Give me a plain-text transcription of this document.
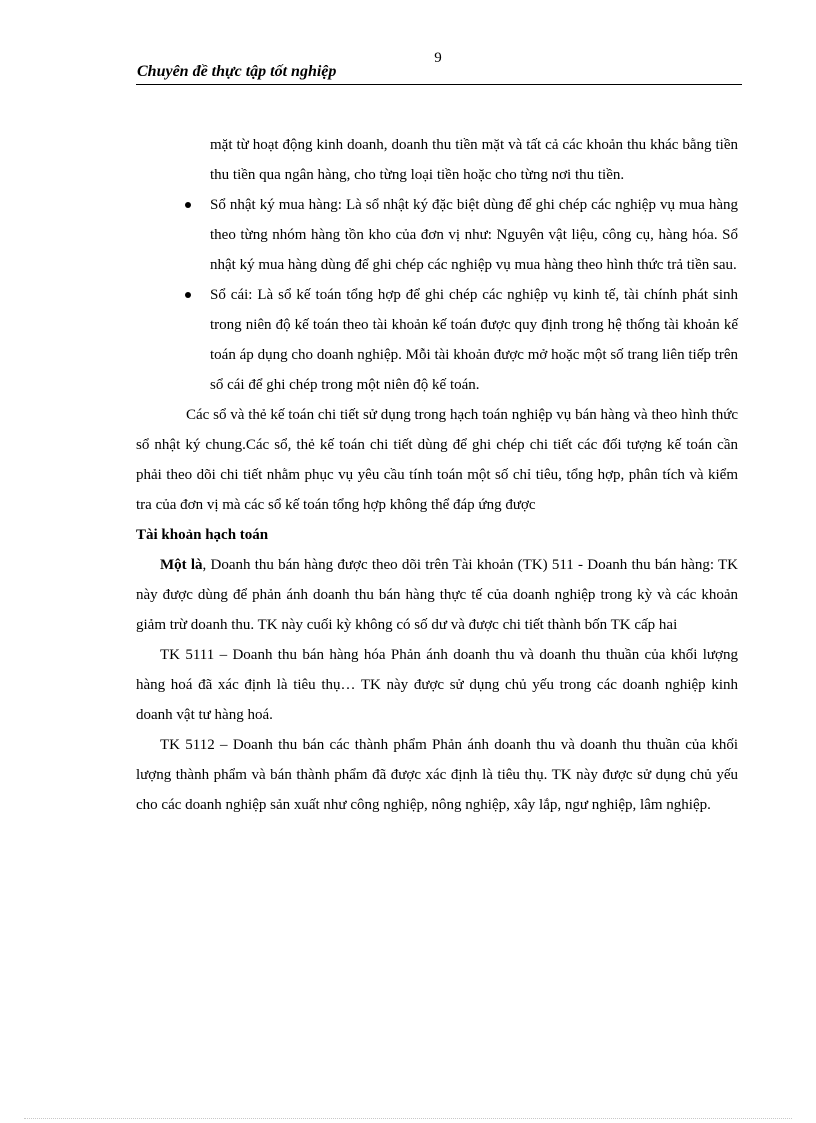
9
Chuyên đề thực tập tốt nghiệp
mặt từ hoạt động kinh doanh, doanh thu tiền mặt và tất cả các khoản thu khác bằng tiền thu tiền qua ngân hàng, cho từng loại tiền hoặc cho từng nơi thu tiền.
Sổ nhật ký mua hàng: Là sổ nhật ký đặc biệt dùng để ghi chép các nghiệp vụ mua hàng theo từng nhóm hàng tồn kho của đơn vị như: Nguyên vật liệu, công cụ, hàng hóa. Sổ nhật ký mua hàng dùng để ghi chép các nghiệp vụ mua hàng theo hình thức trả tiền sau.
Sổ cái: Là sổ kế toán tổng hợp để ghi chép các nghiệp vụ kinh tế, tài chính phát sinh trong niên độ kế toán theo tài khoản kế toán được quy định trong hệ thống tài khoản kế toán áp dụng cho doanh nghiệp. Mỗi tài khoản được mở hoặc một số trang liên tiếp trên sổ cái để ghi chép trong một niên độ kế toán.

Các sổ và thẻ kế toán chi tiết sử dụng trong hạch toán nghiệp vụ bán hàng và theo hình thức sổ nhật ký chung.Các sổ, thẻ kế toán chi tiết dùng để ghi chép chi tiết các đối tượng kế toán cần phải theo dõi chi tiết nhằm phục vụ yêu cầu tính toán một số chỉ tiêu, tổng hợp, phân tích và kiểm tra của đơn vị mà các sổ kế toán tổng hợp không thể đáp ứng được

Tài khoản hạch toán

Một là, Doanh thu bán hàng được theo dõi trên Tài khoản (TK) 511 - Doanh thu bán hàng: TK này được dùng để phản ánh doanh thu bán hàng thực tế của doanh nghiệp trong kỳ và các khoản giảm trừ doanh thu. TK này cuối kỳ không có số dư và được chi tiết thành bốn TK cấp hai

TK 5111 – Doanh thu bán hàng hóa Phản ánh doanh thu và doanh thu thuần của khối lượng hàng hoá đã xác định là tiêu thụ… TK này được sử dụng chủ yếu trong các doanh nghiệp kinh doanh vật tư hàng hoá.

TK 5112 – Doanh thu bán các thành phẩm Phản ánh doanh thu và doanh thu thuần của khối lượng thành phẩm và bán thành phẩm đã được xác định là tiêu thụ. TK này được sử dụng chủ yếu cho các doanh nghiệp sản xuất như công nghiệp, nông nghiệp, xây lắp, ngư nghiệp, lâm nghiệp.
